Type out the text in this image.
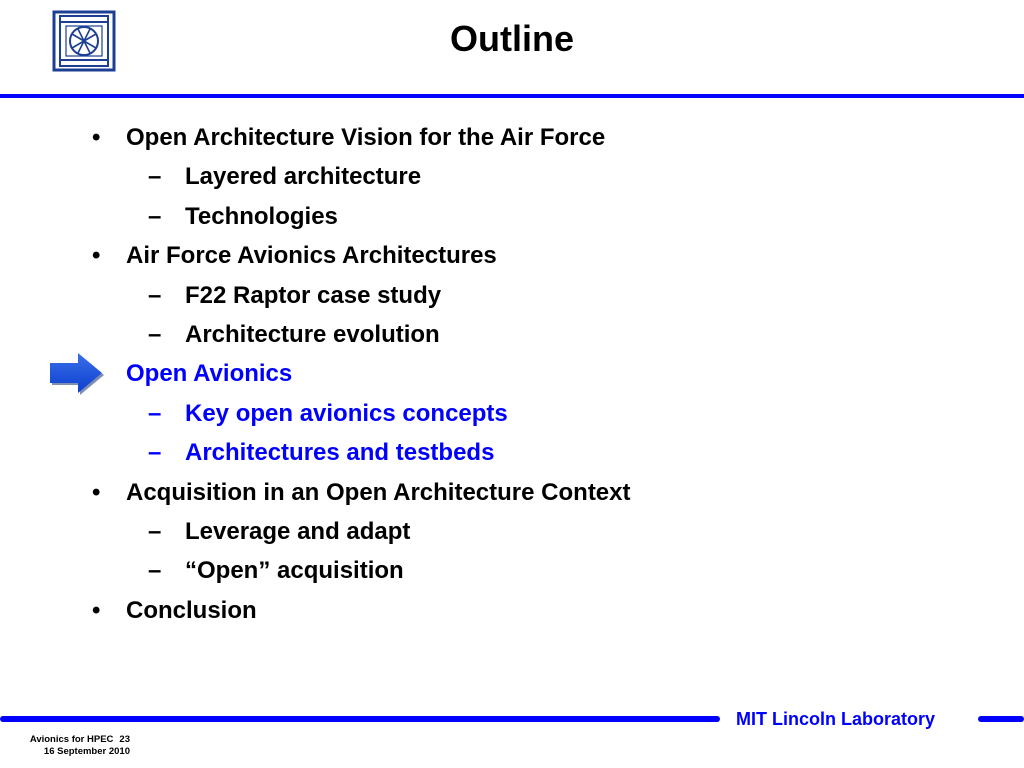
Outline
• Open Architecture Vision for the Air Force
– Layered architecture
– Technologies
• Air Force Avionics Architectures
– F22 Raptor case study
– Architecture evolution
Open Avionics
– Key open avionics concepts
– Architectures and testbeds
• Acquisition in an Open Architecture Context
– Leverage and adapt
– “Open” acquisition
• Conclusion
MIT Lincoln Laboratory
Avionics for HPEC 23
16 September 2010
